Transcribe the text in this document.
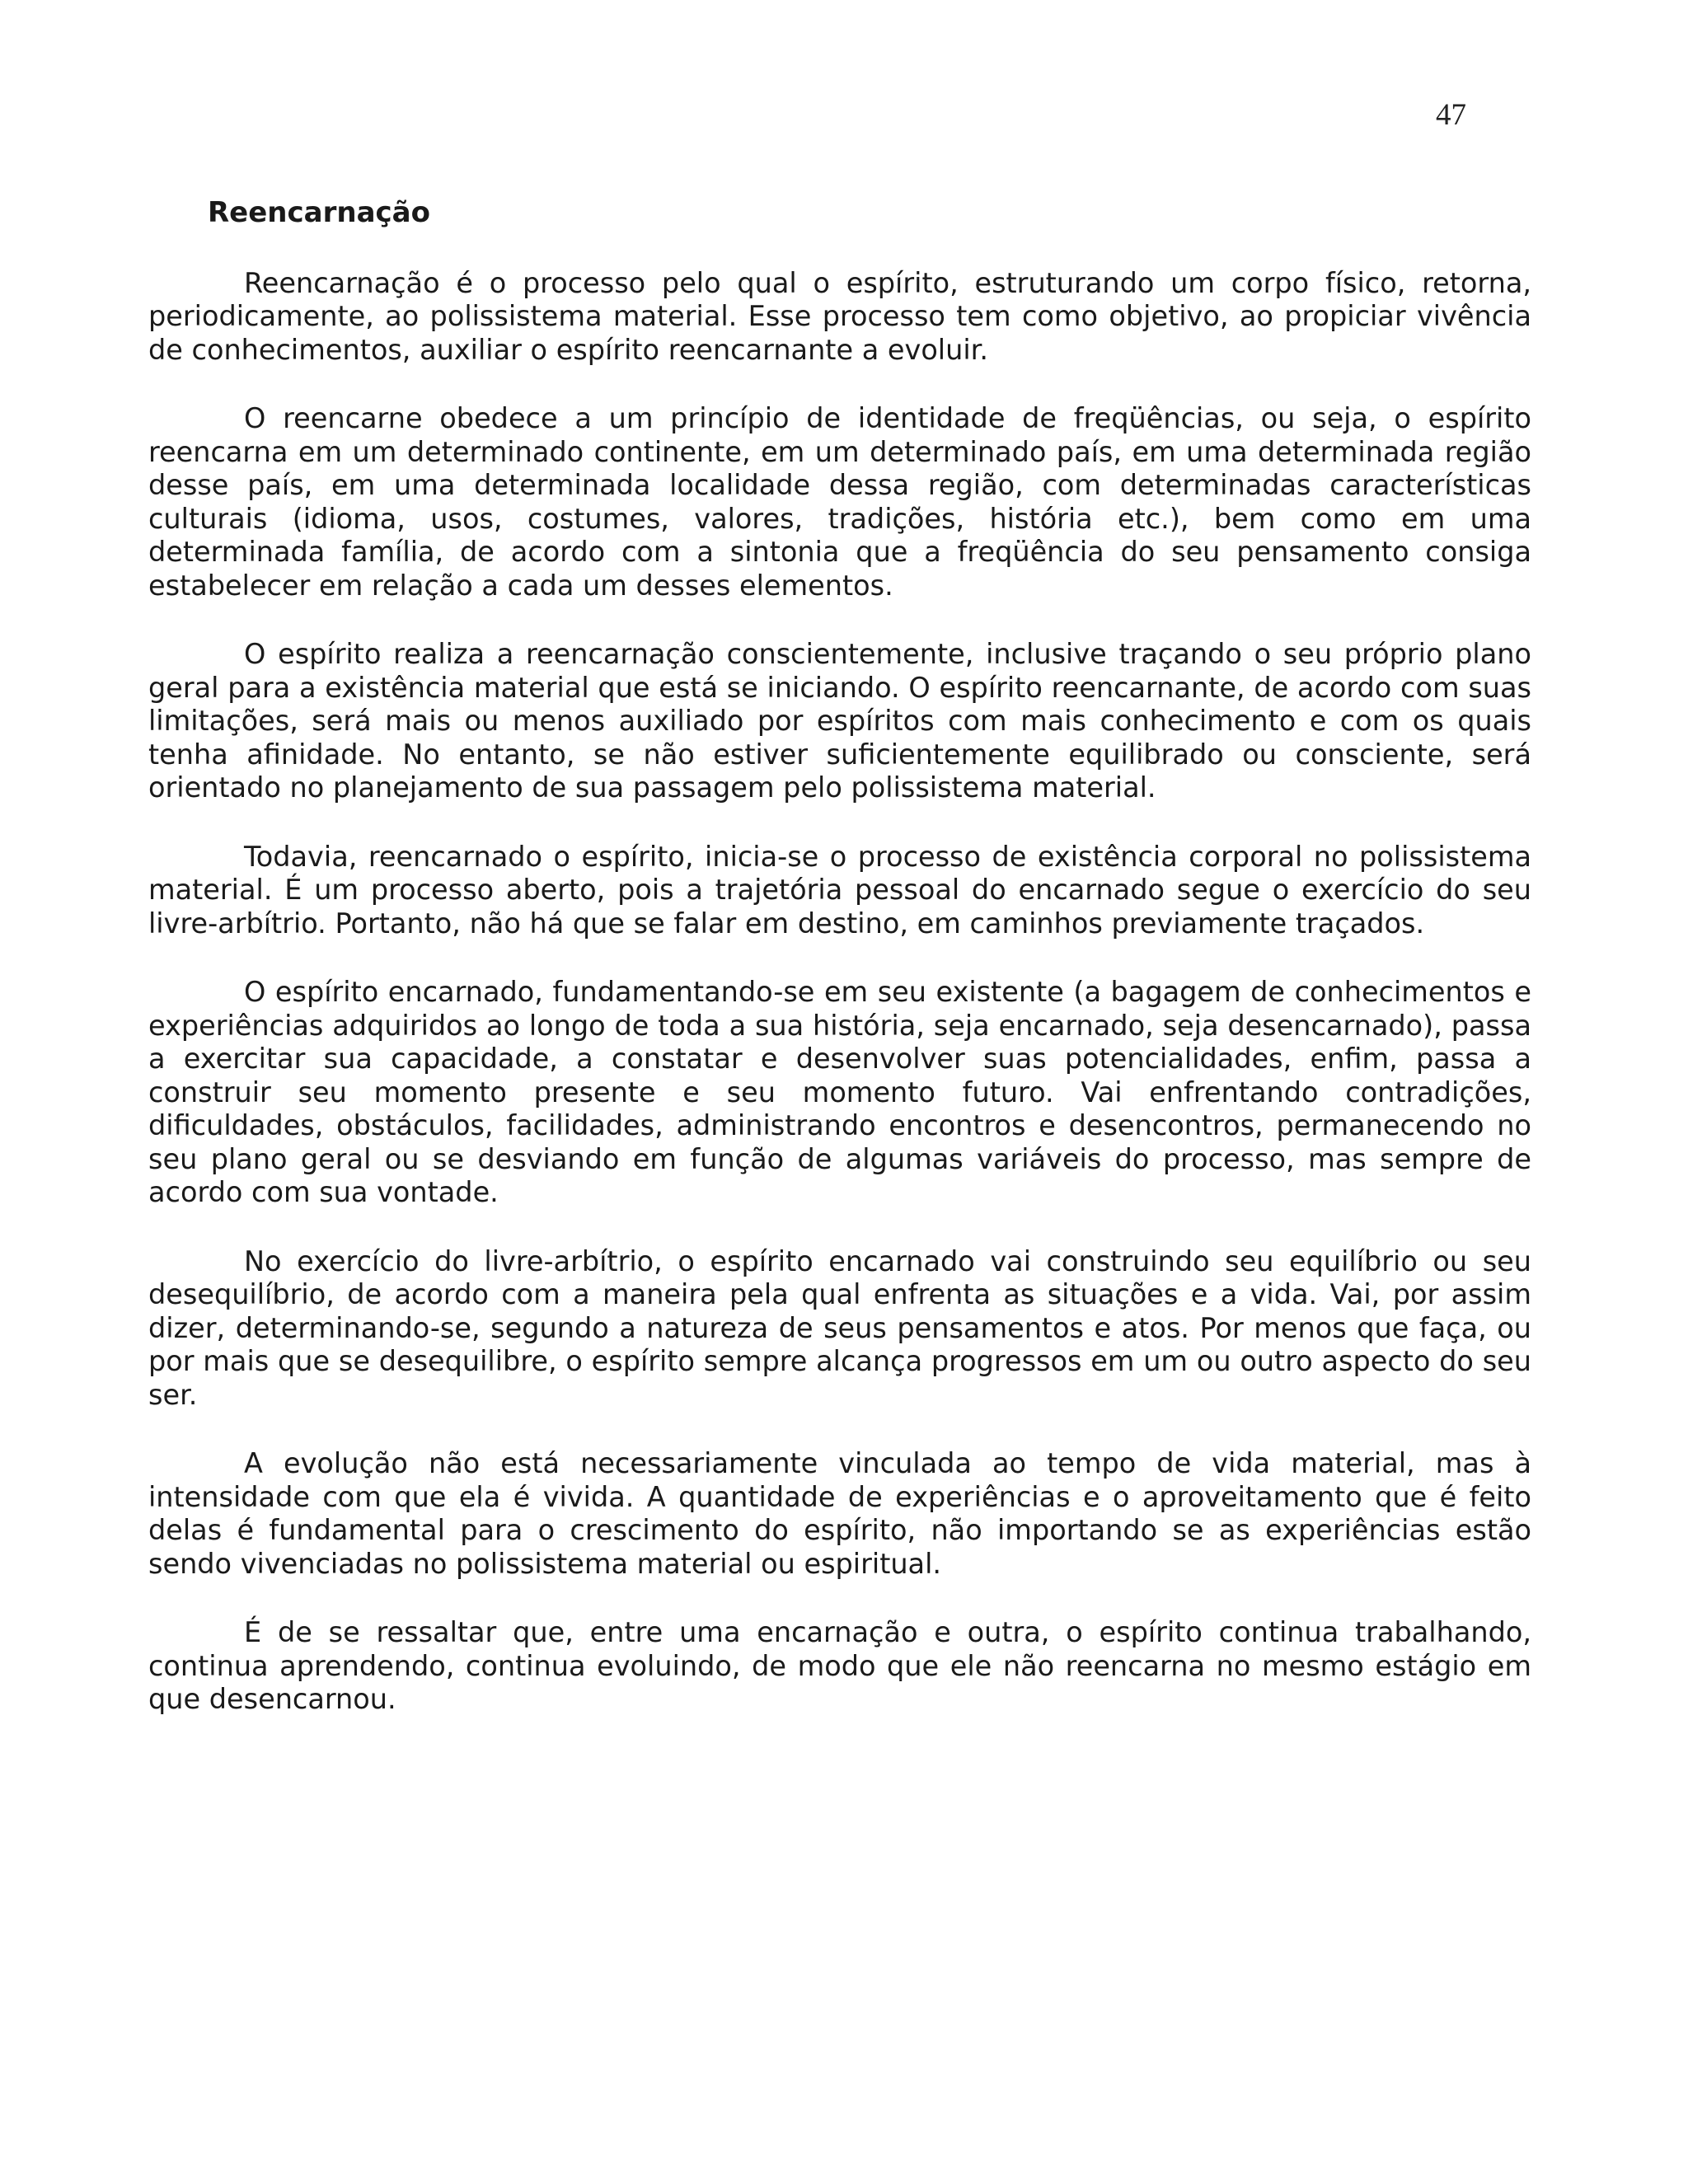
47
Reencarnação

Reencarnação é o processo pelo qual o espírito, estruturando um corpo físico, retorna, periodicamente, ao polissistema material. Esse processo tem como objetivo, ao propiciar vivência de conhecimentos, auxiliar o espírito reencarnante a evoluir.

O reencarne obedece a um princípio de identidade de freqüências, ou seja, o espírito reencarna em um determinado continente, em um determinado país, em uma determinada região desse país, em uma determinada localidade dessa região, com determinadas características culturais (idioma, usos, costumes, valores, tradições, história etc.), bem como em uma determinada família, de acordo com a sintonia que a freqüência do seu pensamento consiga estabelecer em relação a cada um desses elementos.

O espírito realiza a reencarnação conscientemente, inclusive traçando o seu próprio plano geral para a existência material que está se iniciando. O espírito reencarnante, de acordo com suas limitações, será mais ou menos auxiliado por espíritos com mais conhecimento e com os quais tenha afinidade. No entanto, se não estiver suficientemente equilibrado ou consciente, será orientado no planejamento de sua passagem pelo polissistema material.

Todavia, reencarnado o espírito, inicia-se o processo de existência corporal no polissistema material. É um processo aberto, pois a trajetória pessoal do encarnado segue o exercício do seu livre-arbítrio. Portanto, não há que se falar em destino, em caminhos previamente traçados.

O espírito encarnado, fundamentando-se em seu existente (a bagagem de conhecimentos e experiências adquiridos ao longo de toda a sua história, seja encarnado, seja desencarnado), passa a exercitar sua capacidade, a constatar e desenvolver suas potencialidades, enfim, passa a construir seu momento presente e seu momento futuro. Vai enfrentando contradições, dificuldades, obstáculos, facilidades, administrando encontros e desencontros, permanecendo no seu plano geral ou se desviando em função de algumas variáveis do processo, mas sempre de acordo com sua vontade.

No exercício do livre-arbítrio, o espírito encarnado vai construindo seu equilíbrio ou seu desequilíbrio, de acordo com a maneira pela qual enfrenta as situações e a vida. Vai, por assim dizer, determinando-se, segundo a natureza de seus pensamentos e atos. Por menos que faça, ou por mais que se desequilibre, o espírito sempre alcança progressos em um ou outro aspecto do seu ser.

A evolução não está necessariamente vinculada ao tempo de vida material, mas à intensidade com que ela é vivida. A quantidade de experiências e o aproveitamento que é feito delas é fundamental para o crescimento do espírito, não importando se as experiências estão sendo vivenciadas no polissistema material ou espiritual.

É de se ressaltar que, entre uma encarnação e outra, o espírito continua trabalhando, continua aprendendo, continua evoluindo, de modo que ele não reencarna no mesmo estágio em que desencarnou.
